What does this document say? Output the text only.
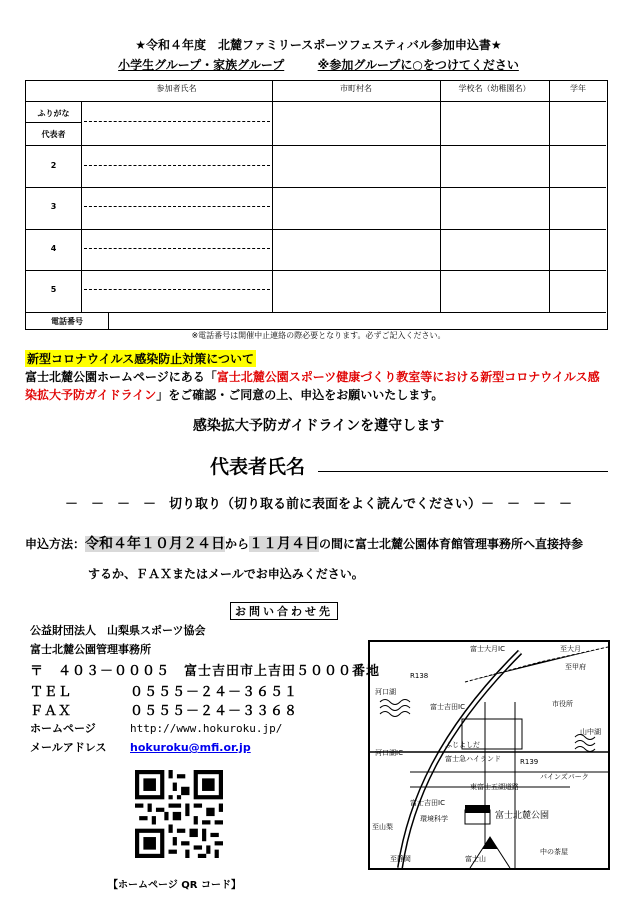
★令和４年度　北麓ファミリースポーツフェスティバル参加申込書★
小学生グループ・家族グループ	※参加グループに○をつけてください
参加者氏名	市町村名	学校名（幼稚園名）	学年
ふりがな
代表者
2
3
4
5
電話番号
※電話番号は開催中止連絡の際必要となります。必ずご記入ください。
新型コロナウイルス感染防止対策について
富士北麓公園ホームページにある「富士北麓公園スポーツ健康づくり教室等における新型コロナウイルス感染拡大予防ガイドライン」をご確認・ご同意の上、申込をお願いいたします。
感染拡大予防ガイドラインを遵守します
代表者氏名
－　－　－　－　切り取り（切り取る前に表面をよく読んでください）－　－　－　－
申込方法：令和４年１０月２４日から１１月４日の間に富士北麓公園体育館管理事務所へ直接持参
するか、ＦＡＸまたはメールでお申込みください。
お問い合わせ先
公益財団法人　山梨県スポーツ協会
富士北麓公園管理事務所
〒　４０３－０００５　 富士吉田市上吉田５０００番地
ＴＥＬ	０５５５－２４－３６５１
ＦＡＸ	０５５５－２４－３３６８
ホームページ	http://www.hokuroku.jp/
メールアドレス hokuroku@mfi.or.jp
【ホームページ QR コード】
富士大月IC	至大月
河口湖
至甲府
市役所
山中湖
富士吉田IC
ふじよしだ
河口湖IC
富士急ハイランド	R139
東富士五湖道路
パインズパーク
富士吉田IC
至山梨
環境科学	富士北麓公園
中の茶屋
至静岡	富士山
R138
